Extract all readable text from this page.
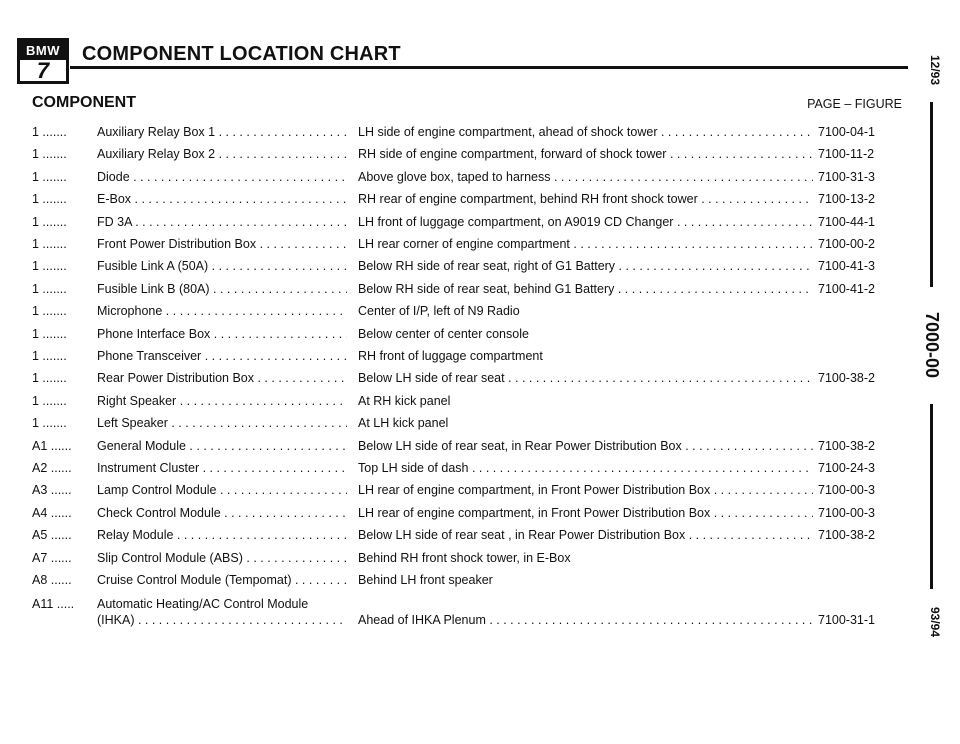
BMW
7
COMPONENT LOCATION CHART
COMPONENT	PAGE – FIGURE
1 .......	Auxiliary Relay Box 1 . . .	LH side of engine compartment, ahead of shock tower . . .	7100-04-1
1 .......	Auxiliary Relay Box 2 . . .	RH side of engine compartment, forward of shock tower . . .	7100-11-2
1 .......	Diode . . .	Above glove box, taped to harness . . .	7100-31-3
1 .......	E-Box . . .	RH rear of engine compartment, behind RH front shock tower . . .	7100-13-2
1 .......	FD 3A . . .	LH front of luggage compartment, on A9019 CD Changer . . .	7100-44-1
1 .......	Front Power Distribution Box . . .	LH rear corner of engine compartment . . .	7100-00-2
1 .......	Fusible Link A (50A) . . .	Below RH side of rear seat, right of G1 Battery . . .	7100-41-3
1 .......	Fusible Link B (80A) . . .	Below RH side of rear seat, behind G1 Battery . . .	7100-41-2
1 .......	Microphone . . .	Center of I/P, left of N9 Radio
1 .......	Phone Interface Box . . .	Below center of center console
1 .......	Phone Transceiver . . .	RH front of luggage compartment
1 .......	Rear Power Distribution Box . . .	Below LH side of rear seat . . .	7100-38-2
1 .......	Right Speaker . . .	At RH kick panel
1 .......	Left Speaker . . .	At LH kick panel
A1 ......	General Module . . .	Below LH side of rear seat, in Rear Power Distribution Box . . .	7100-38-2
A2 ......	Instrument Cluster . . .	Top LH side of dash . . .	7100-24-3
A3 ......	Lamp Control Module . . .	LH rear of engine compartment, in Front Power Distribution Box . . .	7100-00-3
A4 ......	Check Control Module . . .	LH rear of engine compartment, in Front Power Distribution Box . . .	7100-00-3
A5 ......	Relay Module . . .	Below LH side of rear seat , in Rear Power Distribution Box . . .	7100-38-2
A7 ......	Slip Control Module (ABS) . . .	Behind RH front shock tower, in E-Box
A8 ......	Cruise Control Module (Tempomat) . . .	Behind LH front speaker
A11 .....	Automatic Heating/AC Control Module
(IHKA) . . .	Ahead of IHKA Plenum . . .	7100-31-1
12/93
7000-00
93/94
